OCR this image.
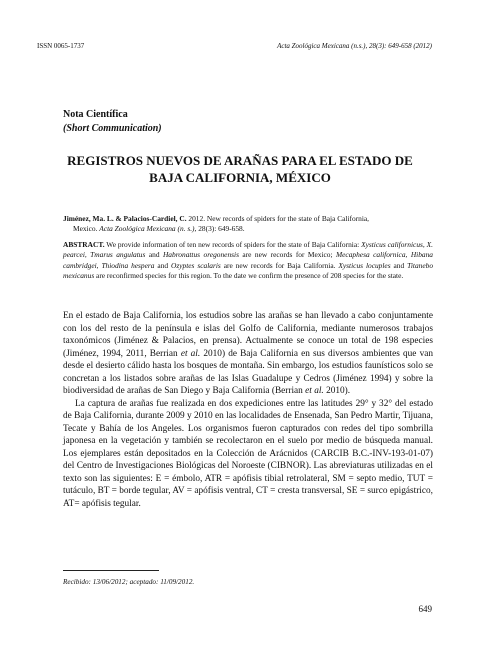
ISSN 0065-1737	Acta Zoológica Mexicana (n.s.), 28(3): 649-658 (2012)
Nota Científica
(Short Communication)
REGISTROS NUEVOS DE ARAÑAS PARA EL ESTADO DE
BAJA CALIFORNIA, MÉXICO
Jiménez, Ma. L. & Palacios-Cardiel, C. 2012. New records of spiders for the state of Baja California,
Mexico. Acta Zoológica Mexicana (n. s.), 28(3): 649-658.
ABSTRACT. We provide information of ten new records of spiders for the state of Baja California: Xysticus californicus, X. pearcei, Tmarus angulatus and Habronattus oregonensis are new records for Mexico; Mecaphesa californica, Hibana cambridgei, Thiodina hespera and Ozyptes scalaris are new records for Baja California. Xysticus locuples and Titanebo mexicanus are reconfirmed species for this region. To the date we confirm the presence of 208 species for the state.

En el estado de Baja California, los estudios sobre las arañas se han llevado a cabo conjuntamente con los del resto de la península e islas del Golfo de California, mediante numerosos trabajos taxonómicos (Jiménez & Palacios, en prensa). Actualmente se conoce un total de 198 especies (Jiménez, 1994, 2011, Berrian et al. 2010) de Baja California en sus diversos ambientes que van desde el desierto cálido hasta los bosques de montaña. Sin embargo, los estudios faunísticos solo se concretan a los listados sobre arañas de las Islas Guadalupe y Cedros (Jiménez 1994) y sobre la biodiversidad de arañas de San Diego y Baja California (Berrian et al. 2010).

La captura de arañas fue realizada en dos expediciones entre las latitudes 29° y 32° del estado de Baja California, durante 2009 y 2010 en las localidades de Ensenada, San Pedro Martir, Tijuana, Tecate y Bahía de los Angeles. Los organismos fueron capturados con redes del tipo sombrilla japonesa en la vegetación y también se recolectaron en el suelo por medio de búsqueda manual. Los ejemplares están depositados en la Colección de Arácnidos (CARCIB B.C.-INV-193-01-07) del Centro de Investigaciones Biológicas del Noroeste (CIBNOR). Las abreviaturas utilizadas en el texto son las siguientes: E = émbolo, ATR = apófisis tibial retrolateral, SM = septo medio, TUT = tutáculo, BT = borde tegular, AV = apófisis ventral, CT = cresta transversal, SE = surco epigástrico, AT= apófisis tegular.

Recibido: 13/06/2012; aceptado: 11/09/2012.
649
